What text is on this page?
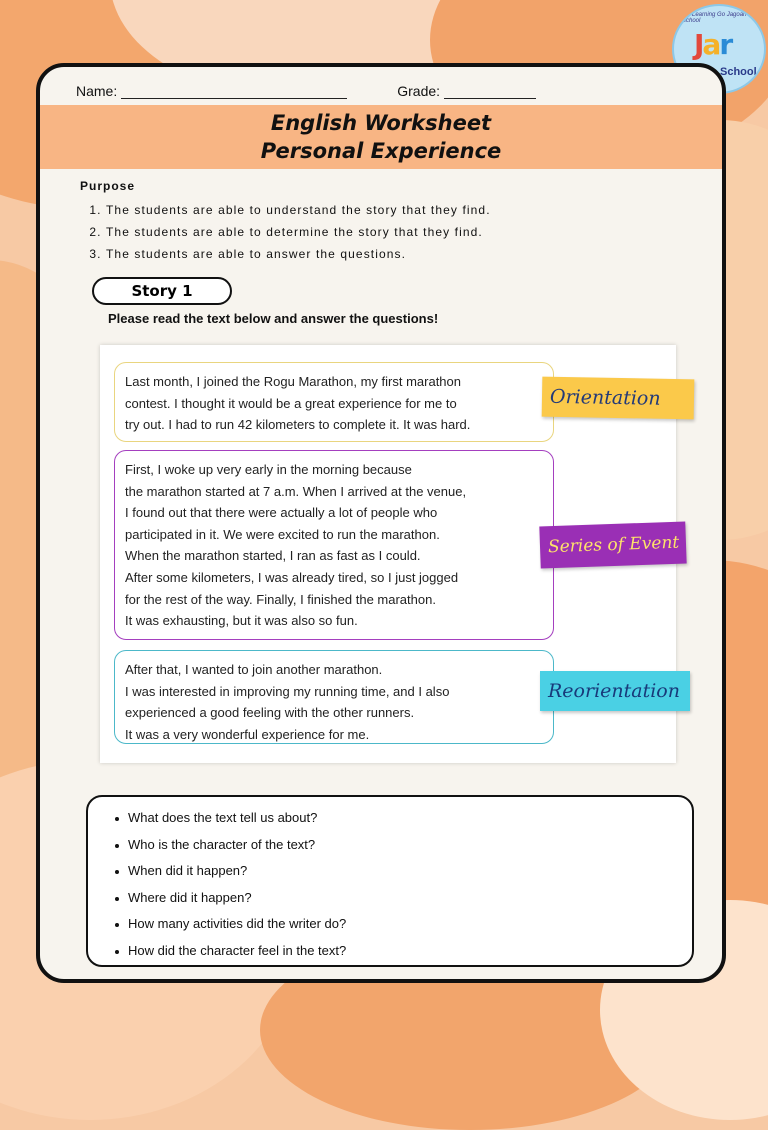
Let Learning Go Jagoan School
Jar
School
Name:	Grade:
English Worksheet
Personal Experience
Purpose
1. The students are able to understand the story that they find.
2. The students are able to determine the story that they find.
3. The students are able to answer the questions.
Story 1
Please read the text below and answer the questions!

Last month, I joined the Rogu Marathon, my first marathon

contest. I thought it would be a great experience for me to

try out. I had to run 42 kilometers to complete it. It was hard.

First, I woke up very early in the morning because

the marathon started at 7 a.m. When I arrived at the venue,

I found out that there were actually a lot of people who

participated in it. We were excited to run the marathon.

When the marathon started, I ran as fast as I could.

After some kilometers, I was already tired, so I just jogged

for the rest of the way. Finally, I finished the marathon.

It was exhausting, but it was also so fun.

After that, I wanted to join another marathon.

I was interested in improving my running time, and I also

experienced a good feeling with the other runners.

It was a very wonderful experience for me.

Orientation
Series of Event
Reorientation
What does the text tell us about?
Who is the character of the text?
When did it happen?
Where did it happen?
How many activities did the writer do?
How did the character feel in the text?
